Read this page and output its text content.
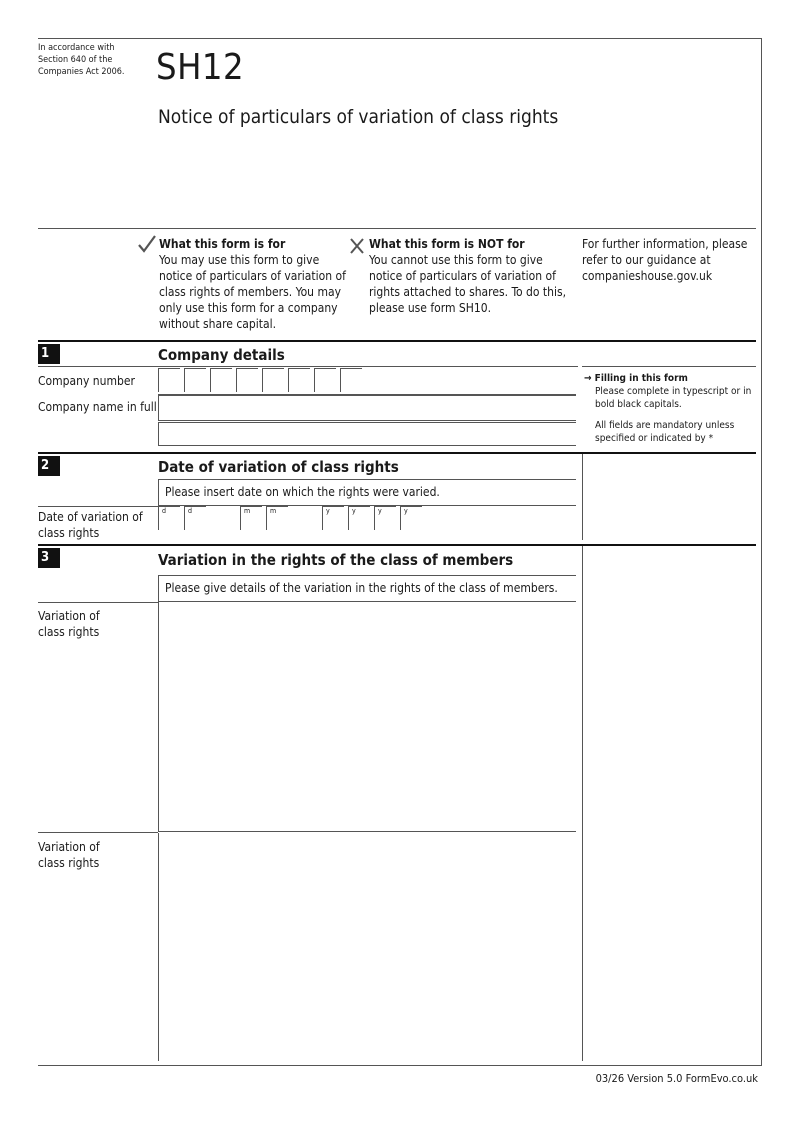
In accordance with
Section 640 of the
Companies Act 2006. SH12
Notice of particulars of variation of class rights
What this form is for
You may use this form to give
notice of particulars of variation of
class rights of members. You may
only use this form for a company
without share capital.
What this form is NOT for
You cannot use this form to give
notice of particulars of variation of
rights attached to shares. To do this,
please use form SH10.
For further information, please
refer to our guidance at
companieshouse.gov.uk
1	Company details
Company number
Company name in full
→ Filling in this form
Please complete in typescript or in
bold black capitals.
All fields are mandatory unless
specified or indicated by *
2	Date of variation of class rights
Please insert date on which the rights were varied.
Date of variation of
class rights
d	d	m	m	y	y	y	y
3	Variation in the rights of the class of members
Please give details of the variation in the rights of the class of members.
Variation of
class rights
Variation of
class rights
03/26 Version 5.0 FormEvo.co.uk
